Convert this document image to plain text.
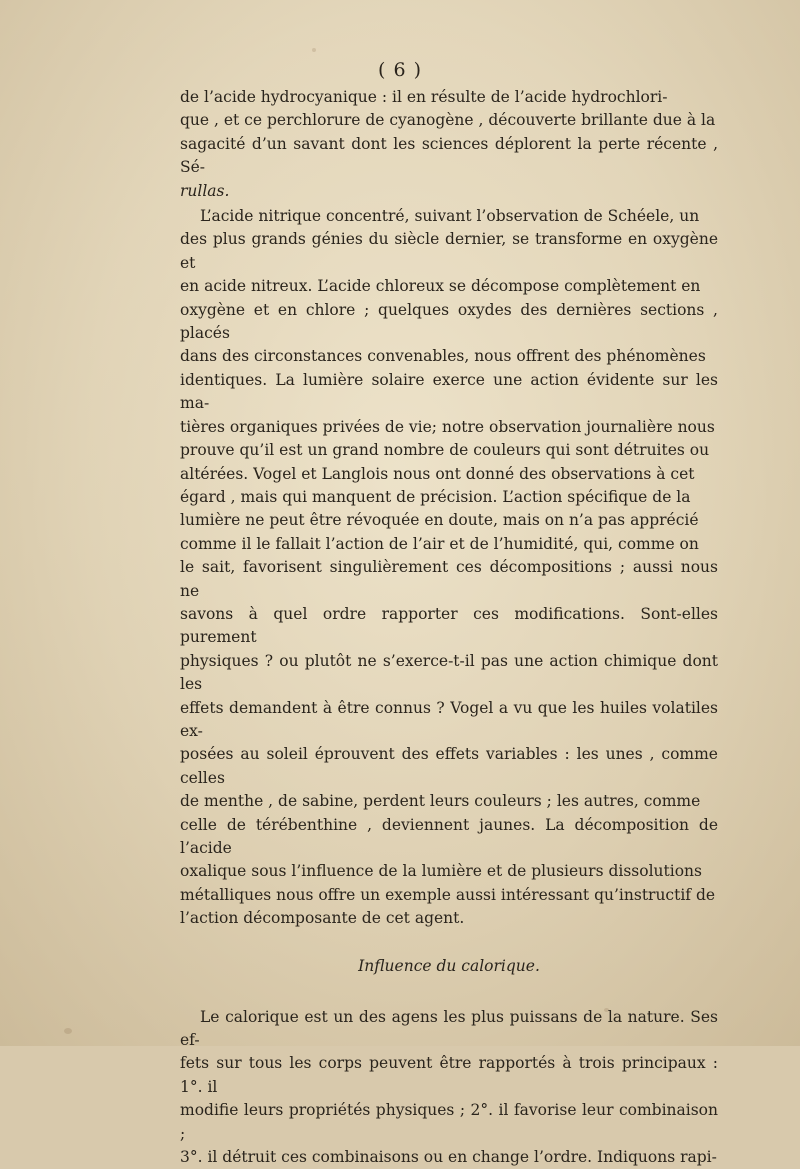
( 6 )

de l’acide hydrocyanique : il en résulte de l’acide hydrochlori-
que , et ce perchlorure de cyanogène , découverte brillante due à la
sagacité d’un savant dont les sciences déplorent la perte récente , Sé-
rullas.

L’acide nitrique concentré, suivant l’observation de Schéele, un
des plus grands génies du siècle dernier, se transforme en oxygène et
en acide nitreux. L’acide chloreux se décompose complètement en
oxygène et en chlore ; quelques oxydes des dernières sections , placés
dans des circonstances convenables, nous offrent des phénomènes
identiques. La lumière solaire exerce une action évidente sur les ma-
tières organiques privées de vie; notre observation journalière nous
prouve qu’il est un grand nombre de couleurs qui sont détruites ou
altérées. Vogel et Langlois nous ont donné des observations à cet
égard , mais qui manquent de précision. L’action spécifique de la
lumière ne peut être révoquée en doute, mais on n’a pas apprécié
comme il le fallait l’action de l’air et de l’humidité, qui, comme on
le sait, favorisent singulièrement ces décompositions ; aussi nous ne
savons à quel ordre rapporter ces modifications. Sont-elles purement
physiques ? ou plutôt ne s’exerce-t-il pas une action chimique dont les
effets demandent à être connus ? Vogel a vu que les huiles volatiles ex-
posées au soleil éprouvent des effets variables : les unes , comme celles
de menthe , de sabine, perdent leurs couleurs ; les autres, comme
celle de térébenthine , deviennent jaunes. La décomposition de l’acide
oxalique sous l’influence de la lumière et de plusieurs dissolutions
métalliques nous offre un exemple aussi intéressant qu’instructif de
l’action décomposante de cet agent.

Influence du calorique.

Le calorique est un des agens les plus puissans de la nature. Ses ef-
fets sur tous les corps peuvent être rapportés à trois principaux : 1°. il
modifie leurs propriétés physiques ; 2°. il favorise leur combinaison ;
3°. il détruit ces combinaisons ou en change l’ordre. Indiquons rapi-
